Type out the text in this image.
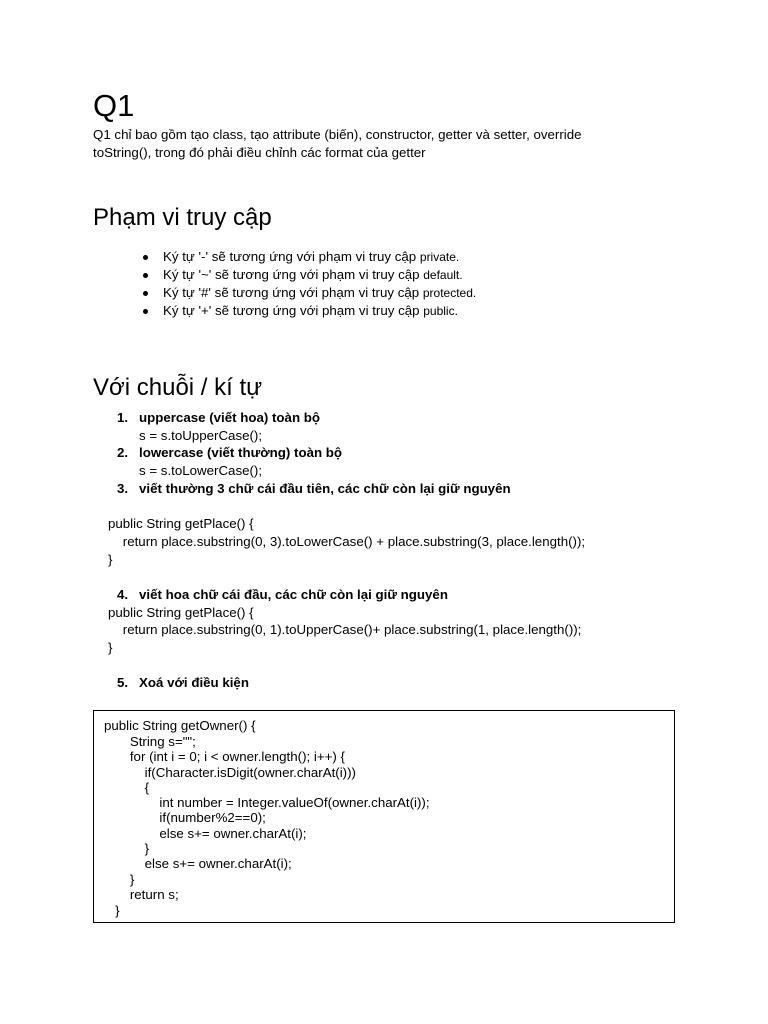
Q1
Q1 chỉ bao gồm tạo class, tạo attribute (biến), constructor, getter và setter, override
toString(), trong đó phải điều chỉnh các format của getter
Phạm vi truy cập
Ký tự '-' sẽ tương ứng với phạm vi truy cập private.
Ký tự '~' sẽ tương ứng với phạm vi truy cập default.
Ký tự '#' sẽ tương ứng với phạm vi truy cập protected.
Ký tự '+' sẽ tương ứng với phạm vi truy cập public.
Với chuỗi / kí tự
1. uppercase (viết hoa) toàn bộ
s = s.toUpperCase();
2. lowercase (viết thường) toàn bộ
s = s.toLowerCase();
3. viết thường 3 chữ cái đầu tiên, các chữ còn lại giữ nguyên
public String getPlace() {
return place.substring(0, 3).toLowerCase() + place.substring(3, place.length());
}
4. viết hoa chữ cái đầu, các chữ còn lại giữ nguyên
public String getPlace() {
return place.substring(0, 1).toUpperCase()+ place.substring(1, place.length());
}
5. Xoá với điều kiện
public String getOwner() {
String s="";
for (int i = 0; i < owner.length(); i++) {
if(Character.isDigit(owner.charAt(i)))
{
int number = Integer.valueOf(owner.charAt(i));
if(number%2==0);
else s+= owner.charAt(i);
}
else s+= owner.charAt(i);
}
return s;
}
